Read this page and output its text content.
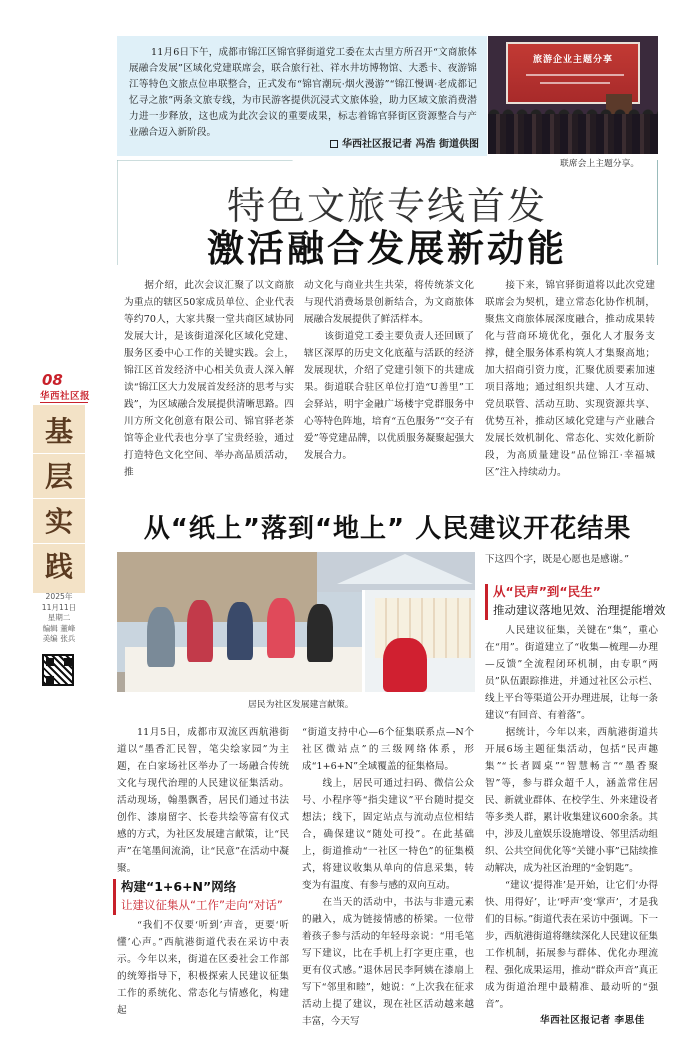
11月6日下午，成都市锦江区锦官驿街道党工委在太古里方所召开“文商旅体展融合发展”区域化党建联席会，联合旅行社、祥水井坊博物馆、大悉卡、夜游锦江等特色文旅点位串联整合，正式发布“锦官潮玩·烟火漫游”“锦江慢调·老成都记忆寻之旅”两条文旅专线，为市民游客提供沉浸式文旅体验，助力区域文旅消费潜力进一步释放，这也成为此次会议的重要成果，标志着锦官驿街区资源整合与产业融合迈入新阶段。

华西社区报记者 冯浩 街道供图
旅游企业主题分享
联席会上主题分享。
特色文旅专线首发
激活融合发展新动能
据介绍，此次会议汇聚了以文商旅为重点的辖区50家成员单位、企业代表等约70人，大家共聚一堂共商区域协同发展大计，是该街道深化区域化党建、服务区委中心工作的关键实践。会上，锦江区首发经济中心相关负责人深入解读“锦江区大力发展首发经济的思考与实践”，为区域融合发展提供清晰思路。四川方所文化创意有限公司、锦官驿老茶馆等企业代表也分享了宝贵经验，通过打造特色文化空间、举办高品质活动，推
动文化与商业共生共荣，将传统茶文化与现代消费场景创新结合，为文商旅体展融合发展提供了鲜活样本。
该街道党工委主要负责人还回顾了辖区深厚的历史文化底蕴与活跃的经济发展现状，介绍了党建引领下的共建成果。街道联合驻区单位打造“U善里”工会驿站，明宇金融广场楼宇党群服务中心等特色阵地，培育“五色服务”“交子有爱”等党建品牌，以优质服务凝聚起强大发展合力。
接下来，锦官驿街道将以此次党建联席会为契机，建立常态化协作机制，聚焦文商旅体展深度融合，推动成果转化与营商环境优化，强化人才服务支撑，健全服务体系构筑人才集聚高地；加大招商引资力度，汇聚优质要素加速项目落地；通过组织共建、人才互动、党员联管、活动互助、实现资源共享、优势互补，推动区域化党建与产业融合发展长效机制化、常态化、实效化新阶段，为高质量建设“品位锦江·幸福城区”注入持续动力。
08
华西社区报
基
层
实
践
2025年
11月11日
星期二
编辑 董峰
美编 张兵
从“纸上”落到“地上” 人民建议开花结果
居民为社区发展建言献策。
11月5日，成都市双流区西航港街道以“墨香汇民智，笔尖绘家园”为主题，在白家场社区举办了一场融合传统文化与现代治理的人民建议征集活动。活动现场，翰墨飘香，居民们通过书法创作、漆扇留字、长卷共绘等富有仪式感的方式，为社区发展建言献策，让“民声”在笔墨间流淌，让“民意”在活动中凝聚。
构建“1+6+N”网络
让建议征集从“工作”走向“对话”
“我们不仅要‘听到’声音，更要‘听懂’心声。”西航港街道代表在采访中表示。今年以来，街道在区委社会工作部的统筹指导下，积极探索人民建议征集工作的系统化、常态化与情感化，构建起
“街道支持中心—6个征集联系点—N个社区微站点”的三级网络体系，形成“1+6+N”全域覆盖的征集格局。
线上，居民可通过扫码、微信公众号、小程序等“指尖建议”平台随时提交想法；线下，固定站点与流动点位相结合，确保建议“随处可投”。在此基础上，街道推动“一社区一特色”的征集模式，将建议收集从单向的信息采集，转变为有温度、有参与感的双向互动。
在当天的活动中，书法与非遗元素的融入，成为链接情感的桥梁。一位带着孩子参与活动的年轻母亲说：“用毛笔写下建议，比在手机上打字更庄重，也更有仪式感。”退休居民李阿姨在漆扇上写下“邻里和睦”，她说：“上次我在征求活动上提了建议，现在社区活动越来越丰富，今天写
下这四个字，既是心愿也是感谢。”
从“民声”到“民生”
推动建议落地见效、治理提能增效
人民建议征集，关键在“集”，重心在“用”。街道建立了“收集—梳理—办理—反馈”全流程闭环机制，由专职“两员”队伍跟踪推进，并通过社区公示栏、线上平台等渠道公开办理进展，让每一条建议“有回音、有着落”。
据统计，今年以来，西航港街道共开展6场主题征集活动，包括“民声趣集”“长者圆桌”“智慧畅言”“墨香聚智”等，参与群众超千人，涵盖常住居民、新就业群体、在校学生、外来建设者等多类人群，累计收集建议600余条。其中，涉及儿童娱乐设施增设、邻里活动组织、公共空间优化等“关键小事”已陆续推动解决，成为社区治理的“金钥匙”。
“建议‘提得准’是开始，让它们‘办得快、用得好’，让‘呼声’变‘掌声’，才是我们的目标。”街道代表在采访中强调。下一步，西航港街道将继续深化人民建议征集工作机制，拓展参与群体、优化办理流程、强化成果运用，推动“群众声音”真正成为街道治理中最精准、最动听的“强音”。
华西社区报记者 李思佳
